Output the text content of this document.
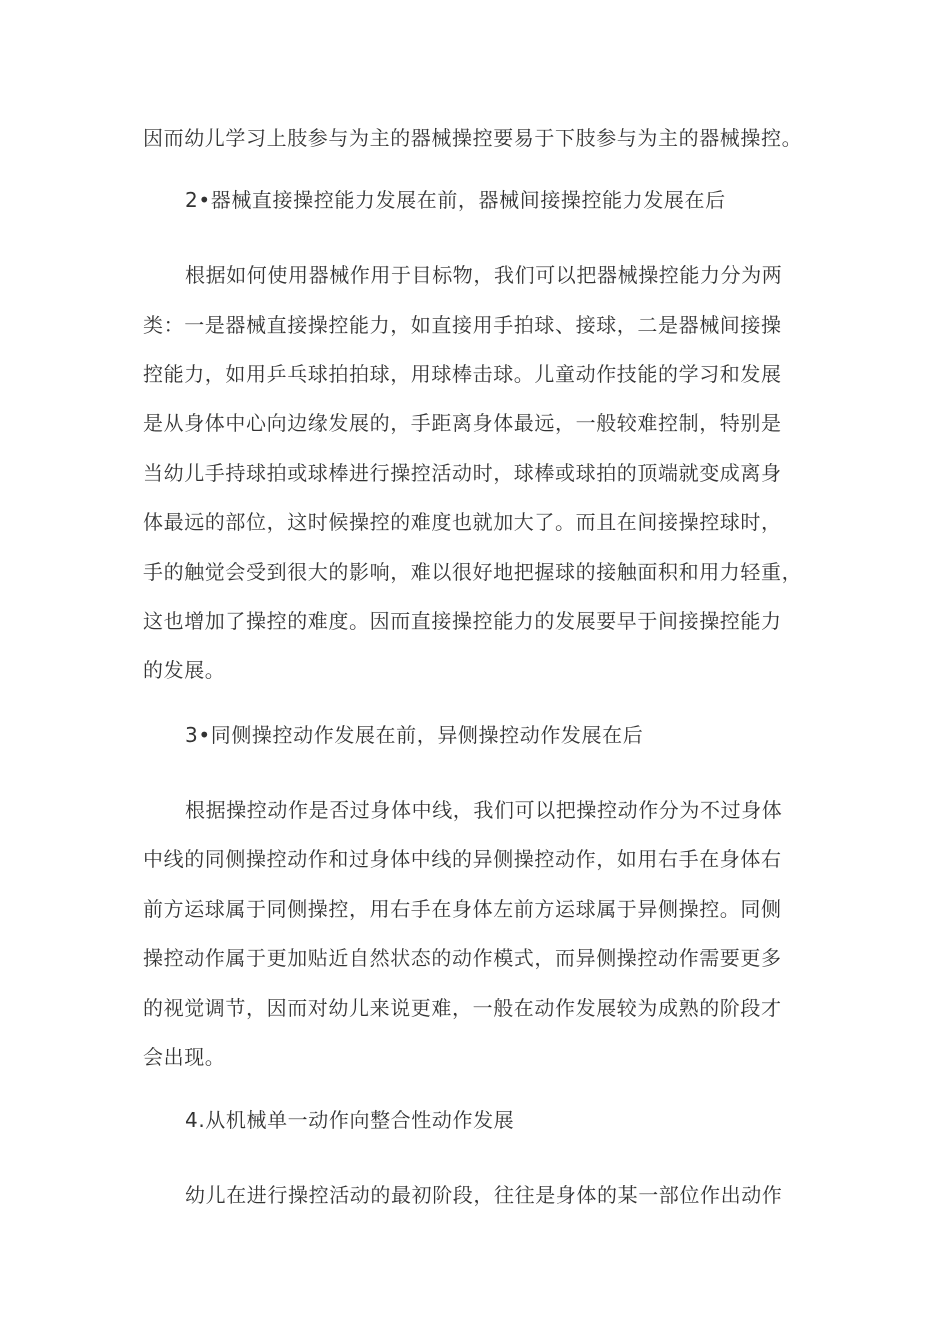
因而幼儿学习上肢参与为主的器械操控要易于下肢参与为主的器械操控。
2•器械直接操控能力发展在前，器械间接操控能力发展在后
根据如何使用器械作用于目标物，我们可以把器械操控能力分为两
类：一是器械直接操控能力，如直接用手拍球、接球，二是器械间接操
控能力，如用乒乓球拍拍球，用球棒击球。儿童动作技能的学习和发展
是从身体中心向边缘发展的，手距离身体最远，一般较难控制，特别是
当幼儿手持球拍或球棒进行操控活动时，球棒或球拍的顶端就变成离身
体最远的部位，这时候操控的难度也就加大了。而且在间接操控球时，
手的触觉会受到很大的影响，难以很好地把握球的接触面积和用力轻重，
这也增加了操控的难度。因而直接操控能力的发展要早于间接操控能力
的发展。
3•同侧操控动作发展在前，异侧操控动作发展在后
根据操控动作是否过身体中线，我们可以把操控动作分为不过身体
中线的同侧操控动作和过身体中线的异侧操控动作，如用右手在身体右
前方运球属于同侧操控，用右手在身体左前方运球属于异侧操控。同侧
操控动作属于更加贴近自然状态的动作模式，而异侧操控动作需要更多
的视觉调节，因而对幼儿来说更难，一般在动作发展较为成熟的阶段才
会出现。
4.从机械单一动作向整合性动作发展
幼儿在进行操控活动的最初阶段，往往是身体的某一部位作出动作
